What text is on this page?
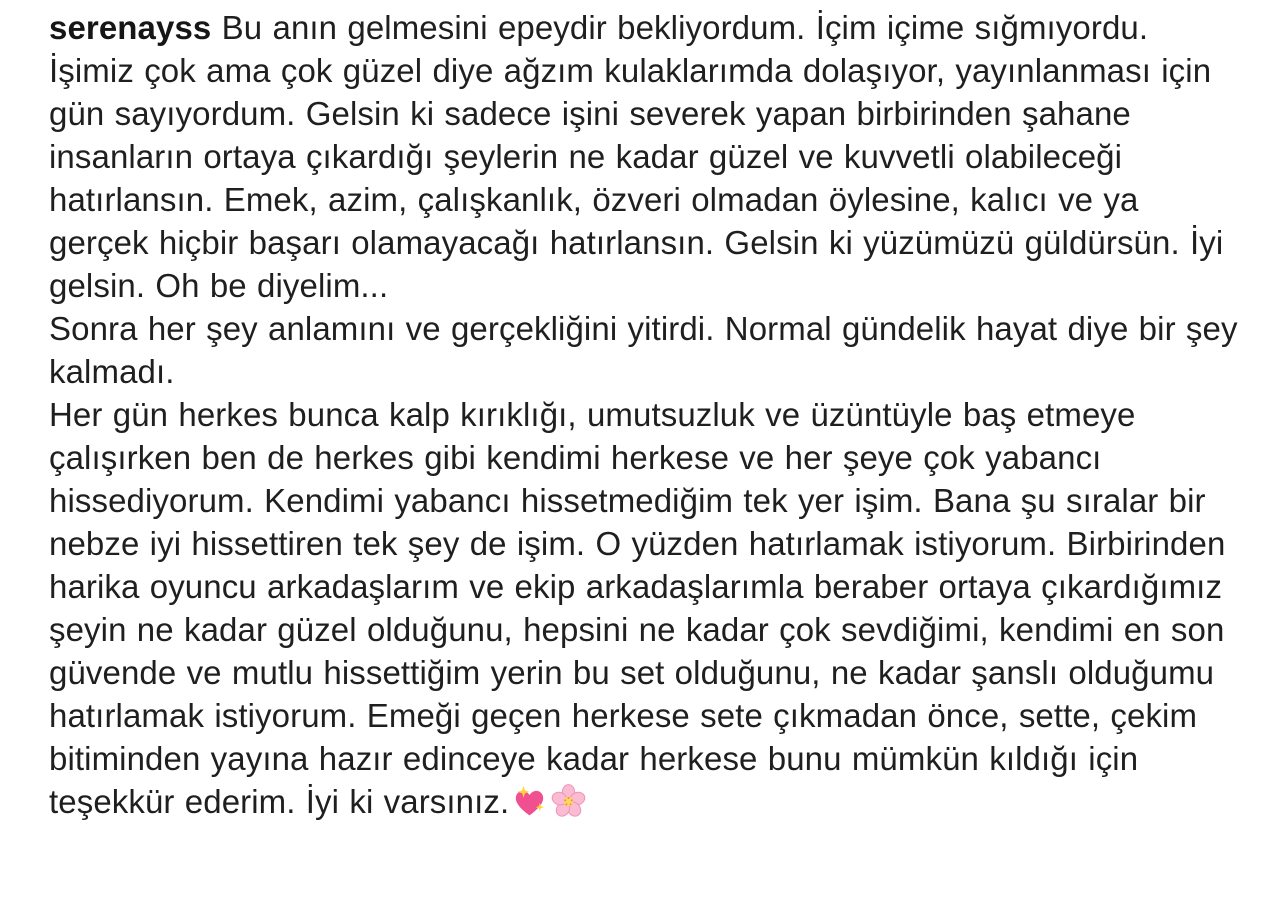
serenayss Bu anın gelmesini epeydir bekliyordum. İçim içime sığmıyordu. İşimiz çok ama çok güzel diye ağzım kulaklarımda dolaşıyor, yayınlanması için gün sayıyordum. Gelsin ki sadece işini severek yapan birbirinden şahane insanların ortaya çıkardığı şeylerin ne kadar güzel ve kuvvetli olabileceği hatırlansın. Emek, azim, çalışkanlık, özveri olmadan öylesine, kalıcı ve ya gerçek hiçbir başarı olamayacağı hatırlansın. Gelsin ki yüzümüzü güldürsün. İyi gelsin. Oh be diyelim...

Sonra her şey anlamını ve gerçekliğini yitirdi. Normal gündelik hayat diye bir şey kalmadı.

Her gün herkes bunca kalp kırıklığı, umutsuzluk ve üzüntüyle baş etmeye çalışırken ben de herkes gibi kendimi herkese ve her şeye çok yabancı hissediyorum. Kendimi yabancı hissetmediğim tek yer işim. Bana şu sıralar bir nebze iyi hissettiren tek şey de işim. O yüzden hatırlamak istiyorum. Birbirinden harika oyuncu arkadaşlarım ve ekip arkadaşlarımla beraber ortaya çıkardığımız şeyin ne kadar güzel olduğunu, hepsini ne kadar çok sevdiğimi, kendimi en son güvende ve mutlu hissettiğim yerin bu set olduğunu, ne kadar şanslı olduğumu hatırlamak istiyorum. Emeği geçen herkese sete çıkmadan önce, sette, çekim bitiminden yayına hazır edinceye kadar herkese bunu mümkün kıldığı için teşekkür ederim. İyi ki varsınız.
